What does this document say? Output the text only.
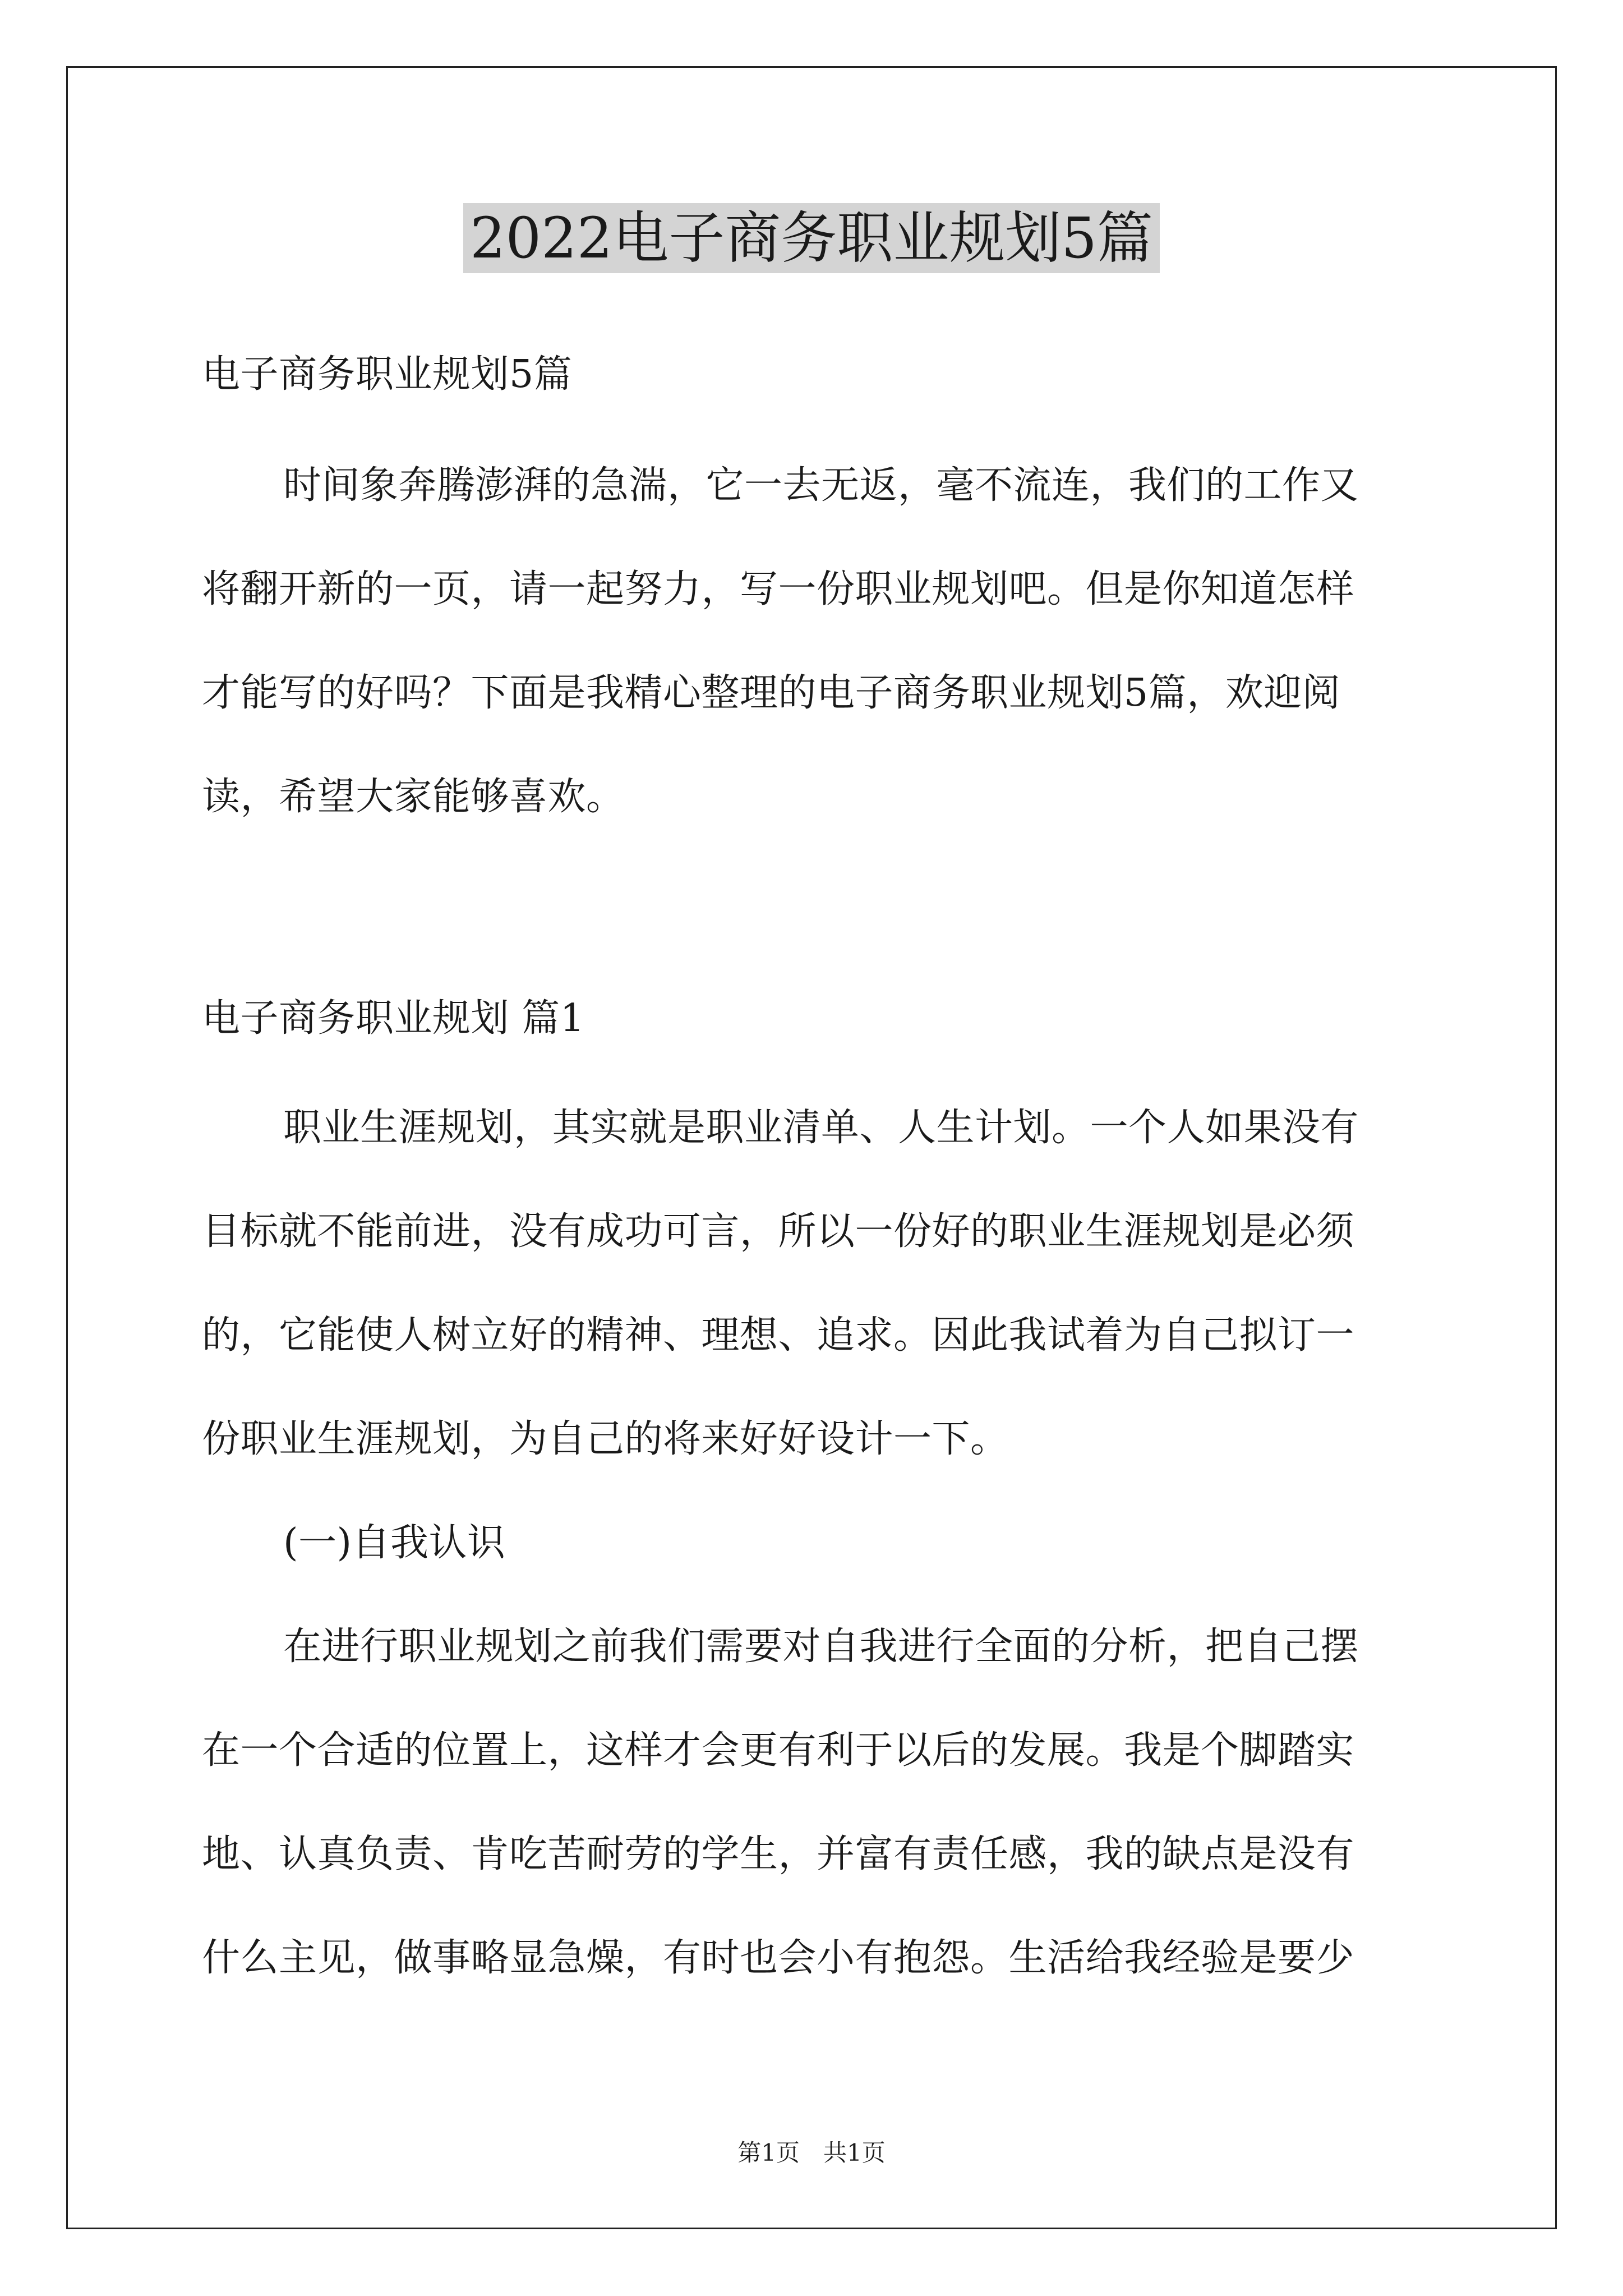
2022电子商务职业规划5篇
电子商务职业规划5篇
时间象奔腾澎湃的急湍，它一去无返，毫不流连，我们的工作又
将翻开新的一页，请一起努力，写一份职业规划吧。但是你知道怎样
才能写的好吗？下面是我精心整理的电子商务职业规划5篇，欢迎阅
读，希望大家能够喜欢。
电子商务职业规划 篇1
职业生涯规划，其实就是职业清单、人生计划。一个人如果没有
目标就不能前进，没有成功可言，所以一份好的职业生涯规划是必须
的，它能使人树立好的精神、理想、追求。因此我试着为自己拟订一
份职业生涯规划，为自己的将来好好设计一下。
(一)自我认识
在进行职业规划之前我们需要对自我进行全面的分析，把自己摆
在一个合适的位置上，这样才会更有利于以后的发展。我是个脚踏实
地、认真负责、肯吃苦耐劳的学生，并富有责任感，我的缺点是没有
什么主见，做事略显急燥，有时也会小有抱怨。生活给我经验是要少
第1页　共1页
